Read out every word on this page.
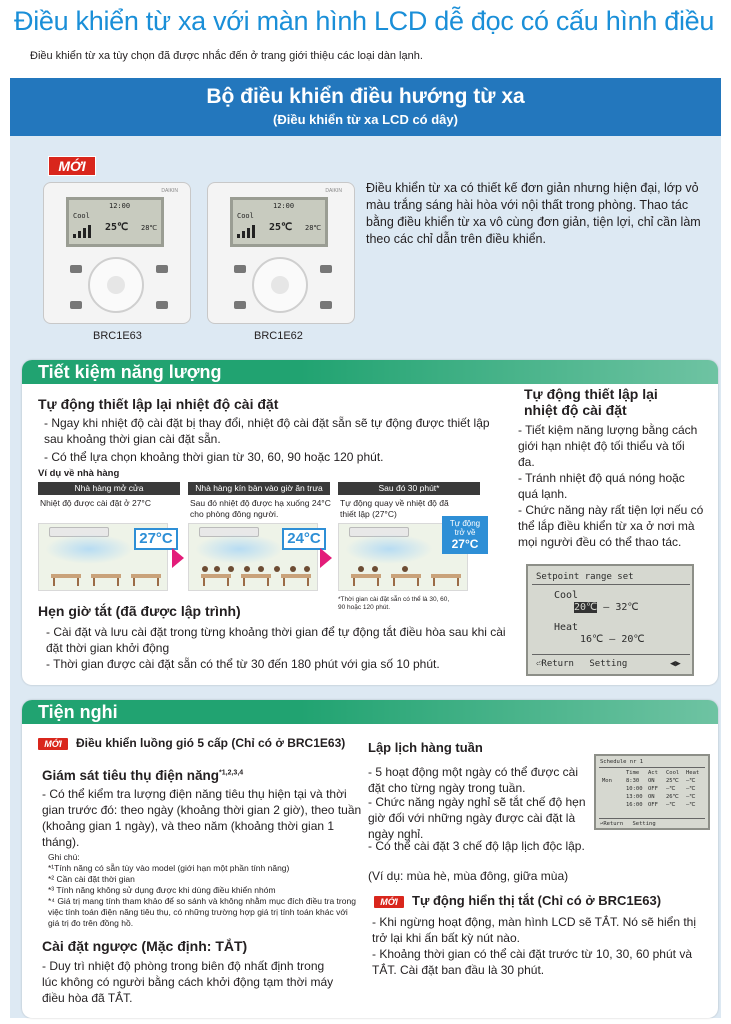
Điều khiển từ xa với màn hình LCD dễ đọc có cấu hình điều
Điều khiển từ xa tùy chọn đã được nhắc đến ở trang giới thiệu các loại dàn lạnh.
Bộ điều khiển điều hướng từ xa
(Điều khiển từ xa LCD có dây)
MỚI
DAIKIN
12:00
Cool
25℃ 28℃
BRC1E63
DAIKIN
12:00
Cool
25℃ 28℃
BRC1E62
Điều khiển từ xa có thiết kế đơn giản nhưng hiện đại, lớp vỏ màu trắng sáng hài hòa với nội thất trong phòng. Thao tác bằng điều khiển từ xa vô cùng đơn giản, tiện lợi, chỉ cần làm theo các chỉ dẫn trên điều khiển.
Tiết kiệm năng lượng
Tự động thiết lập lại nhiệt độ cài đặt
- Ngay khi nhiệt độ cài đặt bị thay đổi, nhiệt độ cài đặt sẵn sẽ tự động được thiết lập sau khoảng thời gian cài đặt sẵn.
- Có thể lựa chọn khoảng thời gian từ 30, 60, 90 hoặc 120 phút.
Ví dụ về nhà hàng
Nhà hàng mở cửa
Nhiệt độ được cài đặt ở 27°C
27°C
Nhà hàng kín bàn vào giờ ăn trưa
Sau đó nhiệt độ được hạ xuống 24°C cho phòng đông người.
24°C
Sau đó 30 phút*
Tự động quay về nhiệt độ đã thiết lập (27°C)
Tự động
trở về
27°C
*Thời gian cài đặt sẵn có thể là 30, 60, 90 hoặc 120 phút.
Hẹn giờ tắt (đã được lập trình)
- Cài đặt và lưu cài đặt trong từng khoảng thời gian để tự động tắt điều hòa sau khi cài đặt thời gian khởi động
- Thời gian được cài đặt sẵn có thể từ 30 đến 180 phút với gia số 10 phút.
Tự động thiết lập lại nhiệt độ cài đặt
- Tiết kiệm năng lượng bằng cách giới hạn nhiệt độ tối thiểu và tối đa.
- Tránh nhiệt độ quá nóng hoặc quá lạnh.
- Chức năng này rất tiện lợi nếu có thể lắp điều khiển từ xa ở nơi mà mọi người đều có thể thao tác.
Setpoint range set
Cool
20℃ – 32℃
Heat
16℃ – 20℃
⏎Return Setting	◀▶
Tiện nghi
MỚI	Điều khiển luồng gió 5 cấp (Chỉ có ở BRC1E63)
Giám sát tiêu thụ điện năng$^{*1,2,3,4}$
- Có thể kiểm tra lượng điện năng tiêu thụ hiện tại và thời gian trước đó: theo ngày (khoảng thời gian 2 giờ), theo tuần (khoảng gian 1 ngày), và theo năm (khoảng thời gian 1 tháng).
Ghi chú:
*¹Tính năng có sẵn tùy vào model (giới hạn một phần tính năng)
*² Cần cài đặt thời gian
*³ Tính năng không sử dụng được khi dùng điều khiển nhóm
*⁴ Giá trị mang tính tham khảo để so sánh và không nhằm mục đích điều tra trong việc tính toán điện năng tiêu thụ, có những trường hợp giá trị tính toán khác với giá trị đo trên đồng hồ.
Cài đặt ngược (Mặc định: TẮT)
- Duy trì nhiệt độ phòng trong biên độ nhất định trong lúc không có người bằng cách khởi động tạm thời máy điều hòa đã TẮT.
Lập lịch hàng tuần
- 5 hoạt động một ngày có thể được cài đặt cho từng ngày trong tuần.
- Chức năng ngày nghỉ sẽ tắt chế độ hẹn giờ đối với những ngày được cài đặt là ngày nghỉ.
- Có thể cài đặt 3 chế độ lập lịch độc lập.
(Ví dụ: mùa hè, mùa đông, giữa mùa)
Schedule nr 1
Time Act Cool Heat
Mon	8:30 ON 25℃ —℃
10:00 OFF —℃ —℃
13:00 ON 26℃ —℃
16:00 OFF —℃ —℃
⏎Return Setting
MỚI	Tự động hiển thị tắt (Chỉ có ở BRC1E63)
- Khi ngừng hoạt động, màn hình LCD sẽ TẮT. Nó sẽ hiển thị trở lại khi ấn bất kỳ nút nào.
- Khoảng thời gian có thể cài đặt trước từ 10, 30, 60 phút và TẮT. Cài đặt ban đầu là 30 phút.
